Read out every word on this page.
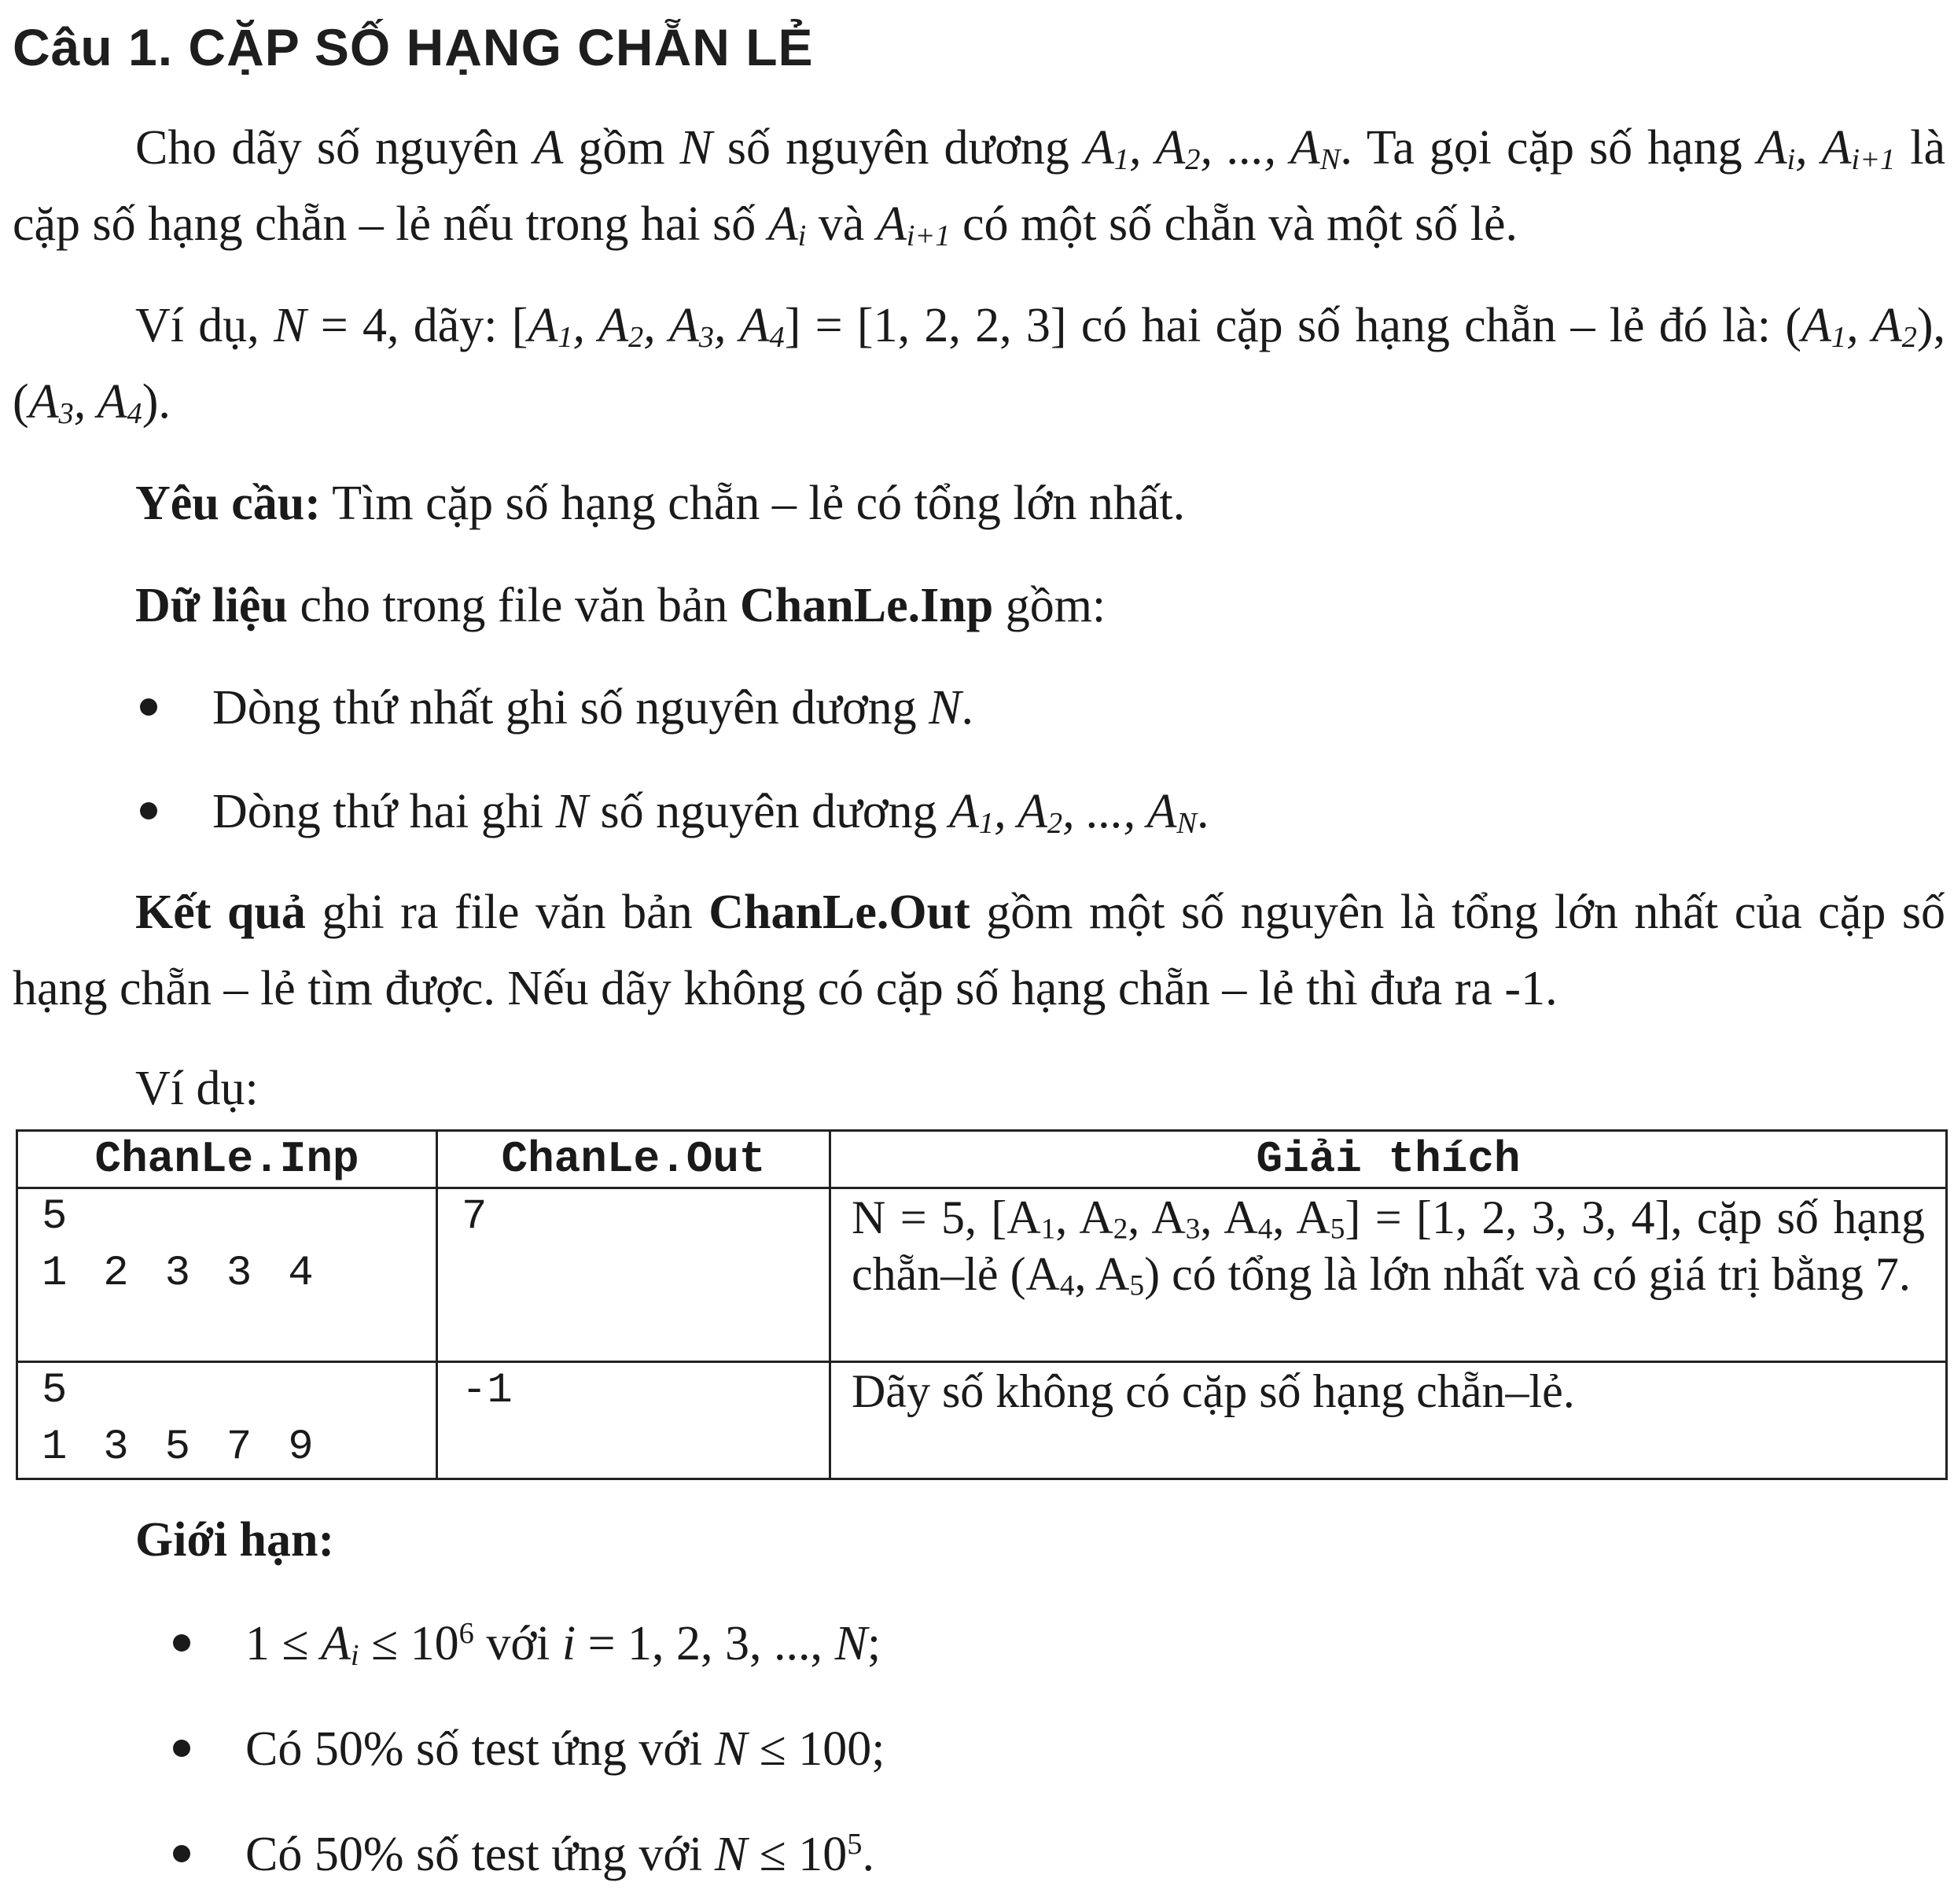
Câu 1. CẶP SỐ HẠNG CHẴN LẺ
Cho dãy số nguyên A gồm N số nguyên dương $A_1$, $A_2$, ..., $A_N$. Ta gọi cặp số hạng $A_i$, $A_{i+1}$ là cặp số hạng chẵn – lẻ nếu trong hai số $A_i$ và $A_{i+1}$ có một số chẵn và một số lẻ.
Ví dụ, N = 4, dãy: [$A_1$, $A_2$, $A_3$, $A_4] = [1$, 2, 2, 3] có hai cặp số hạng chẵn – lẻ đó là: ($A_1$, $A_2$), ($A_3$, $A_4$).
Yêu cầu: Tìm cặp số hạng chẵn – lẻ có tổng lớn nhất.
Dữ liệu cho trong file văn bản ChanLe.Inp gồm:
Dòng thứ nhất ghi số nguyên dương N.
Dòng thứ hai ghi N số nguyên dương $A_1$, $A_2$, ..., $A_N$.
Kết quả ghi ra file văn bản ChanLe.Out gồm một số nguyên là tổng lớn nhất của cặp số hạng chẵn – lẻ tìm được. Nếu dãy không có cặp số hạng chẵn – lẻ thì đưa ra -1.
Ví dụ:
ChanLe.Inp	ChanLe.Out	Giải thích

5
1 2 3 3 4	7	N = 5, [$A_1$, $A_2$, $A_3$, $A_4$, $A_5] = [1$, 2, 3, 3, 4], cặp số hạng chẵn–lẻ ($A_4$, $A_5$) có tổng là lớn nhất và có giá trị bằng 7.

5
1 3 5 7 9	-1	Dãy số không có cặp số hạng chẵn–lẻ.
Giới hạn:
$1 \le A_i \le 10^6$ với i = 1, 2, 3, ..., N;
Có 50% số test ứng với N ≤ 100;
Có 50% số test ứng với $N \le 10^5$.
